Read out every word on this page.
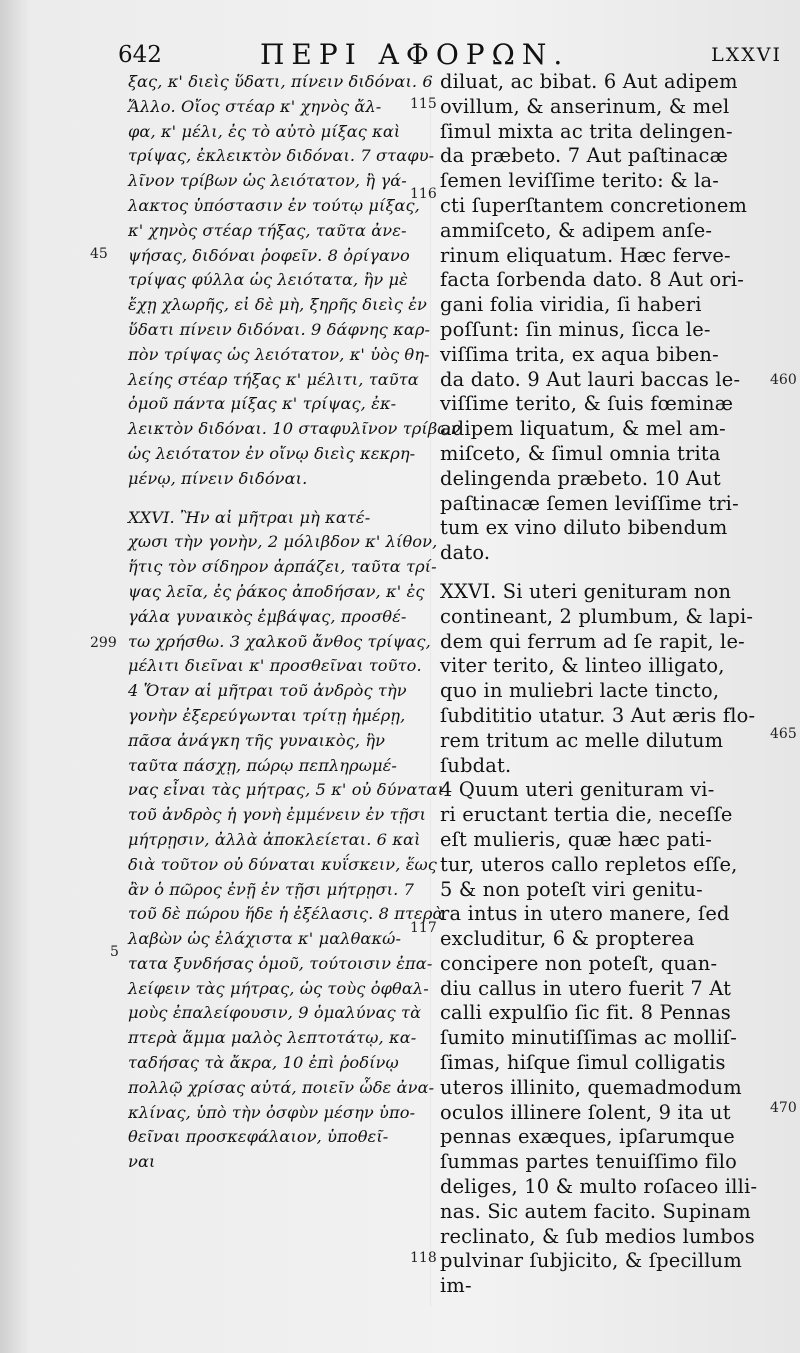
642	ΠΕΡΙ ΑΦΟΡΩΝ.	LXXVI
ξας, κ' διεὶς ὕδατι, πίνειν διδόναι. 6
Ἄλλο. Οἴος στέαρ κ' χηνὸς ἄλ-
φα, κ' μέλι, ἐς τὸ αὐτὸ μίξας καὶ
τρίψας, ἐκλεικτὸν διδόναι. 7 σταφυ-
λῖνον τρίβων ὡς λειότατον, ἢ γά-
λακτος ὑπόστασιν ἐν τούτῳ μίξας,
κ' χηνὸς στέαρ τήξας, ταῦτα ἀνε-
ψήσας, διδόναι ῥοφεῖν. 8 ὀρίγανο
τρίψας φύλλα ὡς λειότατα, ἢν μὲ
ἔχῃ χλωρῆς, εἰ δὲ μὴ, ξηρῆς διεὶς ἐν
ὕδατι πίνειν διδόναι. 9 δάφνης καρ-
πὸν τρίψας ὡς λειότατον, κ' ὑὸς θη-
λείης στέαρ τήξας κ' μέλιτι, ταῦτα
ὁμοῦ πάντα μίξας κ' τρίψας, ἐκ-
λεικτὸν διδόναι. 10 σταφυλῖνον τρίβων
ὡς λειότατον ἐν οἴνῳ διεὶς κεκρη-
μένῳ, πίνειν διδόναι.
XXVI. Ἢν αἱ μῆτραι μὴ κατέ-
χωσι τὴν γονὴν, 2 μόλιβδον κ' λίθον,
ἥτις τὸν σίδηρον ἁρπάζει, ταῦτα τρί-
ψας λεῖα, ἐς ῥάκος ἀποδήσαν, κ' ἐς
γάλα γυναικὸς ἐμβάψας, προσθέ-
τω χρήσθω. 3 χαλκοῦ ἄνθος τρίψας,
μέλιτι διεῖναι κ' προσθεῖναι τοῦτο.
4 Ὅταν αἱ μῆτραι τοῦ ἀνδρὸς τὴν
γονὴν ἐξερεύγωνται τρίτῃ ἡμέρῃ,
πᾶσα ἀνάγκη τῆς γυναικὸς, ἣν
ταῦτα πάσχῃ, πώρῳ πεπληρωμέ-
νας εἶναι τὰς μήτρας, 5 κ' οὐ δύναται
τοῦ ἀνδρὸς ἡ γονὴ ἐμμένειν ἐν τῇσι
μήτρῃσιν, ἀλλὰ ἀποκλείεται. 6 καὶ
διὰ τοῦτον οὐ δύναται κυΐσκειν, ἕως
ἂν ὁ πῶρος ἐνῇ ἐν τῇσι μήτρῃσι. 7
τοῦ δὲ πώρου ἥδε ἡ ἐξέλασις. 8 πτερὰ
λαβὼν ὡς ἐλάχιστα κ' μαλθακώ-
τατα ξυνδήσας ὁμοῦ, τούτοισιν ἐπα-
λείφειν τὰς μήτρας, ὡς τοὺς ὀφθαλ-
μοὺς ἐπαλείφουσιν, 9 ὁμαλύνας τὰ
πτερὰ ἅμμα μαλὸς λεπτοτάτῳ, κα-
ταδήσας τὰ ἄκρα, 10 ἐπὶ ῥοδίνῳ
πολλῷ χρίσας αὐτά, ποιεῖν ὧδε ἀνα-
κλίνας, ὑπὸ τὴν ὀσφὺν μέσην ὑπο-
θεῖναι προσκεφάλαιον, ὑποθεῖ-
ναι
diluat, ac bibat. 6 Aut adipem
ovillum, & anserinum, & mel
ſimul mixta ac trita delingen-
da præbeto. 7 Aut paſtinacæ
ſemen leviſſime terito: & la-
cti ſuperſtantem concretionem
ammiſceto, & adipem anſe-
rinum eliquatum. Hæc ferve-
facta ſorbenda dato. 8 Aut ori-
gani folia viridia, ſi haberi
poſſunt: ſin minus, ſicca le-
viſſima trita, ex aqua biben-
da dato. 9 Aut lauri baccas le-
viſſime terito, & ſuis fœminæ
adipem liquatum, & mel am-
miſceto, & ſimul omnia trita
delingenda præbeto. 10 Aut
paſtinacæ ſemen leviſſime tri-
tum ex vino diluto bibendum
dato.
XXVI. Si uteri genituram non
contineant, 2 plumbum, & lapi-
dem qui ferrum ad ſe rapit, le-
viter terito, & linteo illigato,
quo in muliebri lacte tincto,
ſubdititio utatur. 3 Aut æris flo-
rem tritum ac melle dilutum
ſubdat.
4 Quum uteri genituram vi-
ri eructant tertia die, neceſſe
eſt mulieris, quæ hæc pati-
tur, uteros callo repletos eſſe,
5 & non poteſt viri genitu-
ra intus in utero manere, ſed
excluditur, 6 & propterea
concipere non poteſt, quan-
diu callus in utero fuerit 7 At
calli expulſio ſic fit. 8 Pennas
ſumito minutiſſimas ac molliſ-
ſimas, hiſque ſimul colligatis
uteros illinito, quemadmodum
oculos illinere ſolent, 9 ita ut
pennas exæques, ipſarumque
ſummas partes tenuiſſimo filo
deliges, 10 & multo roſaceo illi-
nas. Sic autem facito. Supinam
reclinato, & ſub medios lumbos
pulvinar ſubjicito, & ſpecillum
im-
115
116
45
299
117
5
118
460
465
470
